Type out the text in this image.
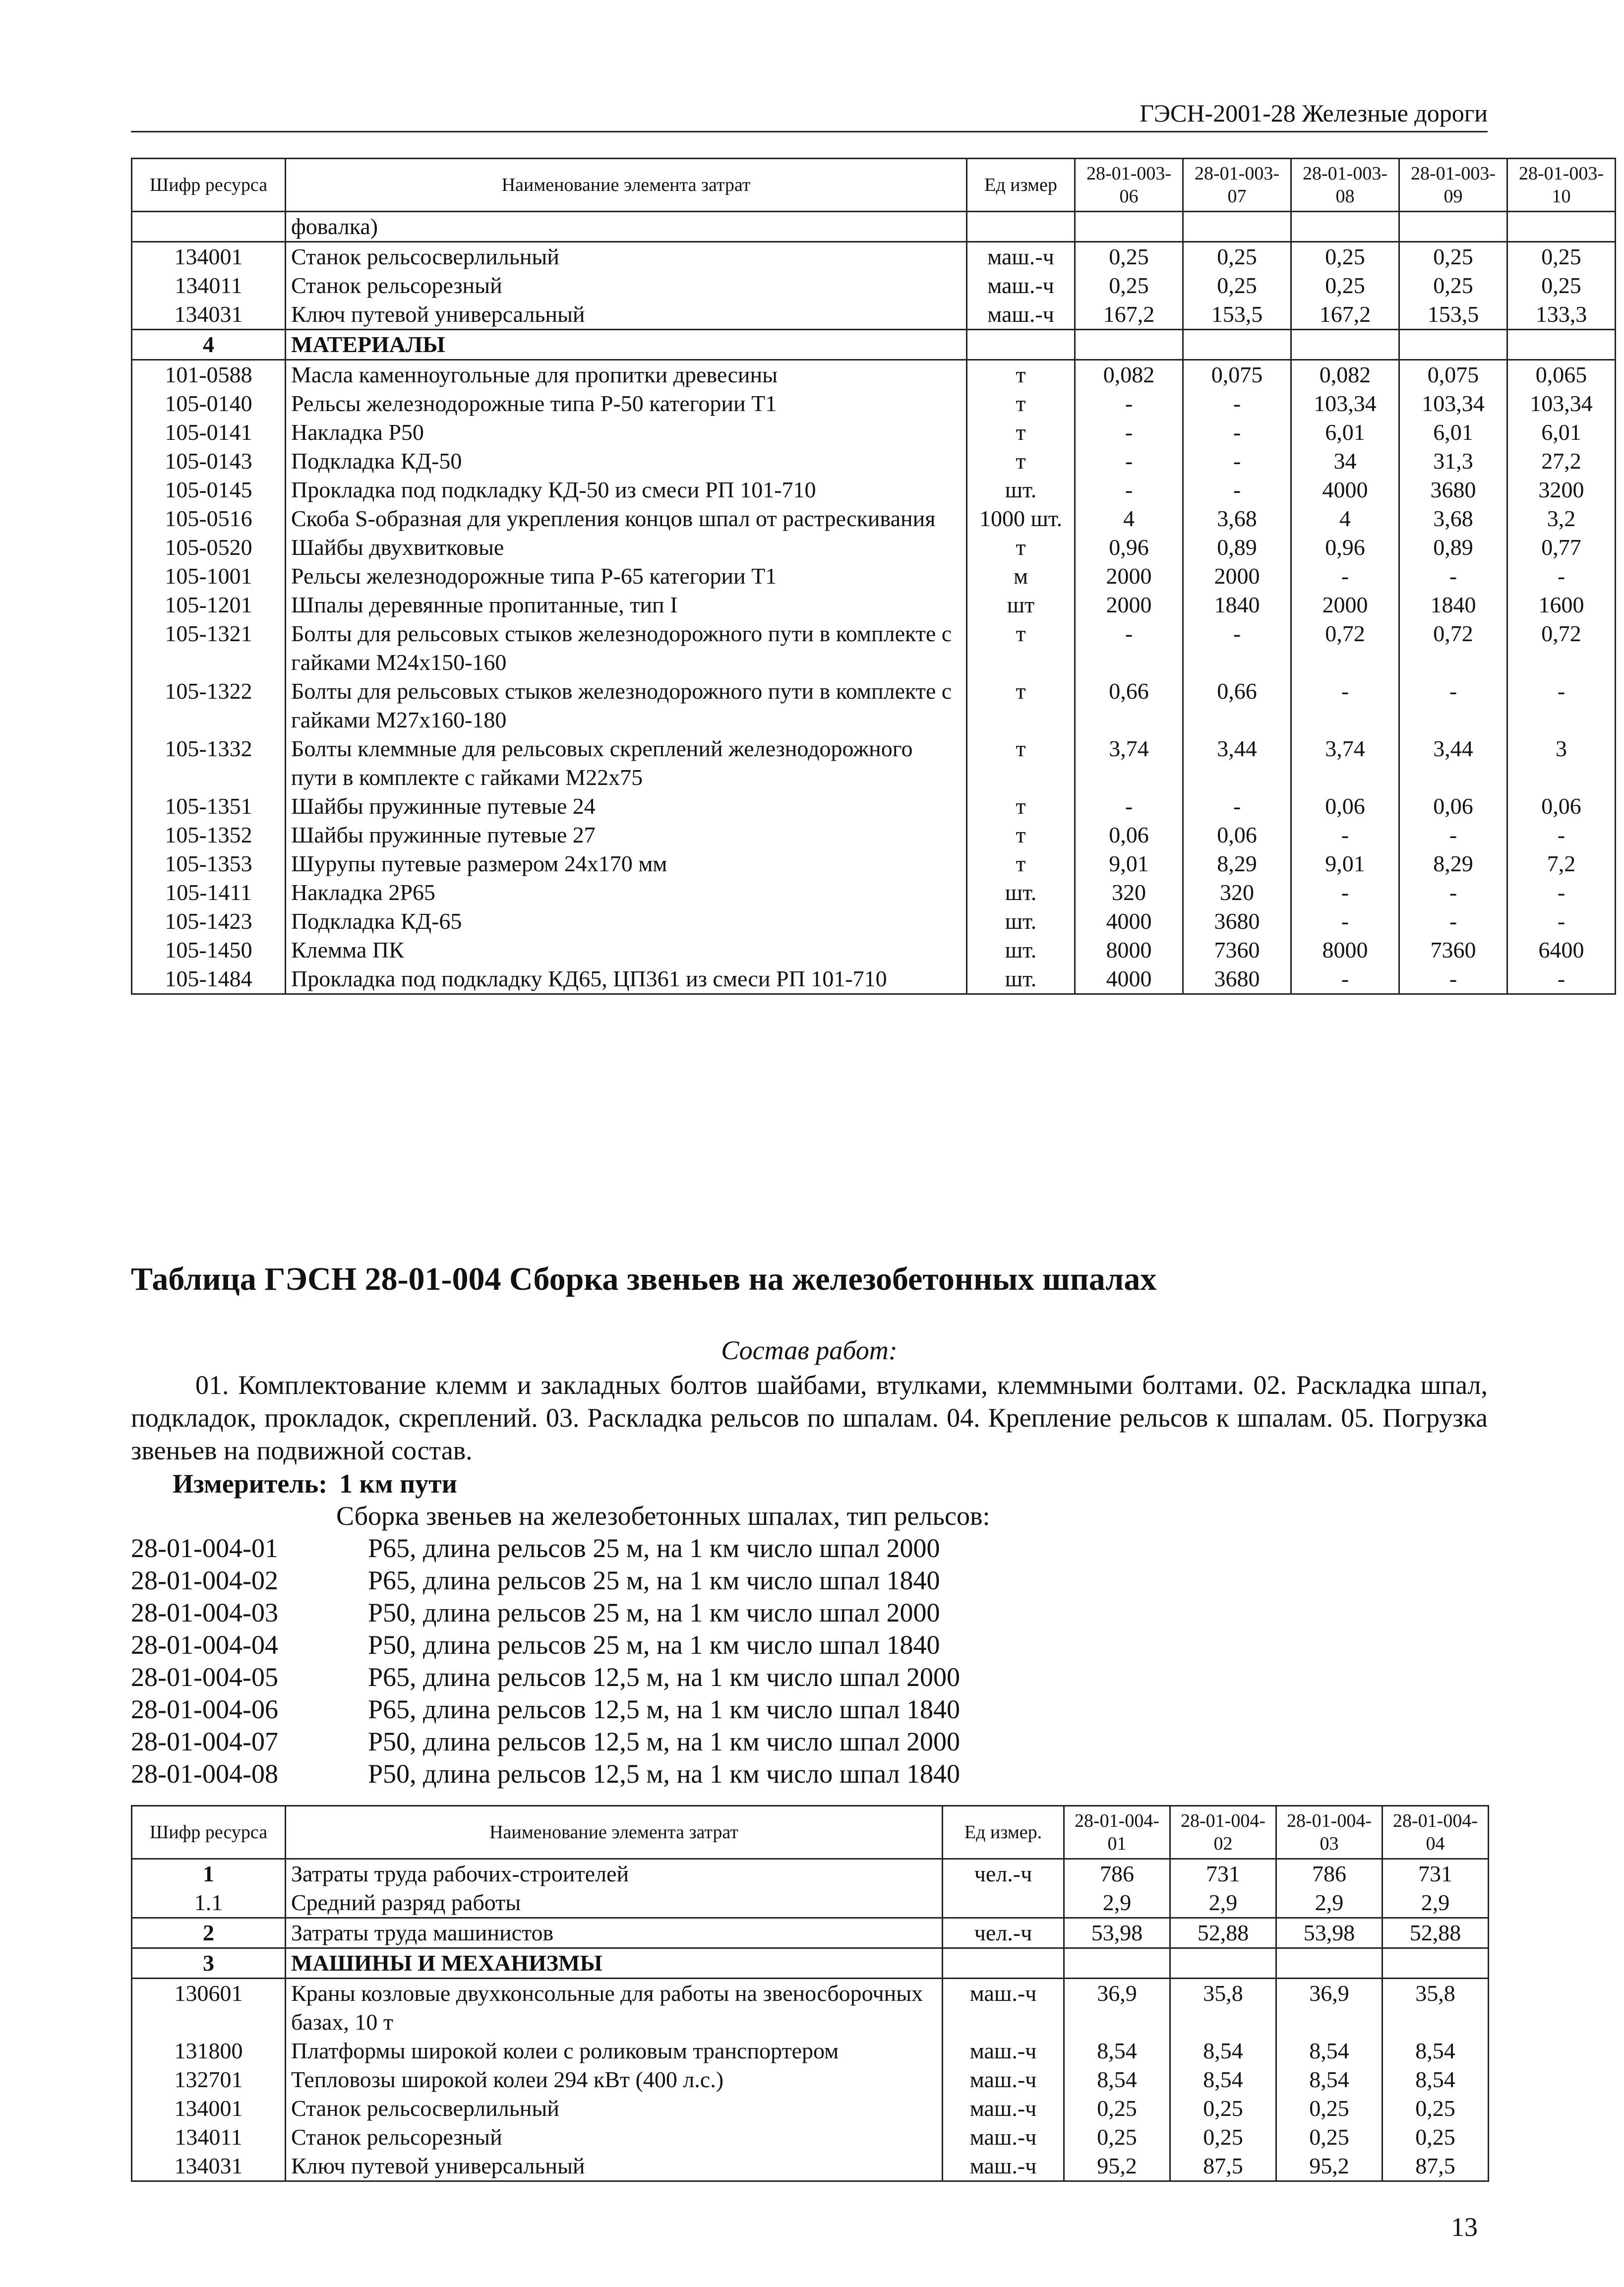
ГЭСН-2001-28 Железные дороги
Шифр ресурса	Наименование элемента затрат	Ед измер	28-01-003-06	28-01-003-07	28-01-003-08	28-01-003-09	28-01-003-10
	фовалка)						
134001	Станок рельсосверлильный	маш.-ч	0,25	0,25	0,25	0,25	0,25
134011	Станок рельсорезный	маш.-ч	0,25	0,25	0,25	0,25	0,25
134031	Ключ путевой универсальный	маш.-ч	167,2	153,5	167,2	153,5	133,3
4	МАТЕРИАЛЫ						
101-0588	Масла каменноугольные для пропитки древесины	т	0,082	0,075	0,082	0,075	0,065
105-0140	Рельсы железнодорожные типа Р-50 категории Т1	т	-	-	103,34	103,34	103,34
105-0141	Накладка Р50	т	-	-	6,01	6,01	6,01
105-0143	Подкладка КД-50	т	-	-	34	31,3	27,2
105-0145	Прокладка под подкладку КД-50 из смеси РП 101-710	шт.	-	-	4000	3680	3200
105-0516	Скоба S-образная для укрепления концов шпал от растрескивания	1000 шт.	4	3,68	4	3,68	3,2
105-0520	Шайбы двухвитковые	т	0,96	0,89	0,96	0,89	0,77
105-1001	Рельсы железнодорожные типа Р-65 категории Т1	м	2000	2000	-	-	-
105-1201	Шпалы деревянные пропитанные, тип I	шт	2000	1840	2000	1840	1600
105-1321	Болты для рельсовых стыков железнодорожного пути в комплекте с гайками М24х150-160	т	-	-	0,72	0,72	0,72
105-1322	Болты для рельсовых стыков железнодорожного пути в комплекте с гайками М27х160-180	т	0,66	0,66	-	-	-
105-1332	Болты клеммные для рельсовых скреплений железнодорожного пути в комплекте с гайками М22х75	т	3,74	3,44	3,74	3,44	3
105-1351	Шайбы пружинные путевые 24	т	-	-	0,06	0,06	0,06
105-1352	Шайбы пружинные путевые 27	т	0,06	0,06	-	-	-
105-1353	Шурупы путевые размером 24х170 мм	т	9,01	8,29	9,01	8,29	7,2
105-1411	Накладка 2Р65	шт.	320	320	-	-	-
105-1423	Подкладка КД-65	шт.	4000	3680	-	-	-
105-1450	Клемма ПК	шт.	8000	7360	8000	7360	6400
105-1484	Прокладка под подкладку КД65, ЦП361 из смеси РП 101-710	шт.	4000	3680	-	-	-
Таблица ГЭСН 28-01-004 Сборка звеньев на железобетонных шпалах
Состав работ:
01. Комплектование клемм и закладных болтов шайбами, втулками, клеммными болтами. 02. Раскладка шпал, подкладок, прокладок, скреплений. 03. Раскладка рельсов по шпалам. 04. Крепление рельсов к шпалам. 05. Погрузка звеньев на подвижной состав.
Измеритель: 1 км пути
Сборка звеньев на железобетонных шпалах, тип рельсов:
28-01-004-01	Р65, длина рельсов 25 м, на 1 км число шпал 2000
28-01-004-02	Р65, длина рельсов 25 м, на 1 км число шпал 1840
28-01-004-03	Р50, длина рельсов 25 м, на 1 км число шпал 2000
28-01-004-04	Р50, длина рельсов 25 м, на 1 км число шпал 1840
28-01-004-05	Р65, длина рельсов 12,5 м, на 1 км число шпал 2000
28-01-004-06	Р65, длина рельсов 12,5 м, на 1 км число шпал 1840
28-01-004-07	Р50, длина рельсов 12,5 м, на 1 км число шпал 2000
28-01-004-08	Р50, длина рельсов 12,5 м, на 1 км число шпал 1840
Шифр ресурса	Наименование элемента затрат	Ед измер.	28-01-004-01	28-01-004-02	28-01-004-03	28-01-004-04
1	Затраты труда рабочих-строителей	чел.-ч	786	731	786	731
1.1	Средний разряд работы		2,9	2,9	2,9	2,9
2	Затраты труда машинистов	чел.-ч	53,98	52,88	53,98	52,88
3	МАШИНЫ И МЕХАНИЗМЫ					
130601	Краны козловые двухконсольные для работы на звеносборочных базах, 10 т	маш.-ч	36,9	35,8	36,9	35,8
131800	Платформы широкой колеи с роликовым транспортером	маш.-ч	8,54	8,54	8,54	8,54
132701	Тепловозы широкой колеи 294 кВт (400 л.с.)	маш.-ч	8,54	8,54	8,54	8,54
134001	Станок рельсосверлильный	маш.-ч	0,25	0,25	0,25	0,25
134011	Станок рельсорезный	маш.-ч	0,25	0,25	0,25	0,25
134031	Ключ путевой универсальный	маш.-ч	95,2	87,5	95,2	87,5
13
